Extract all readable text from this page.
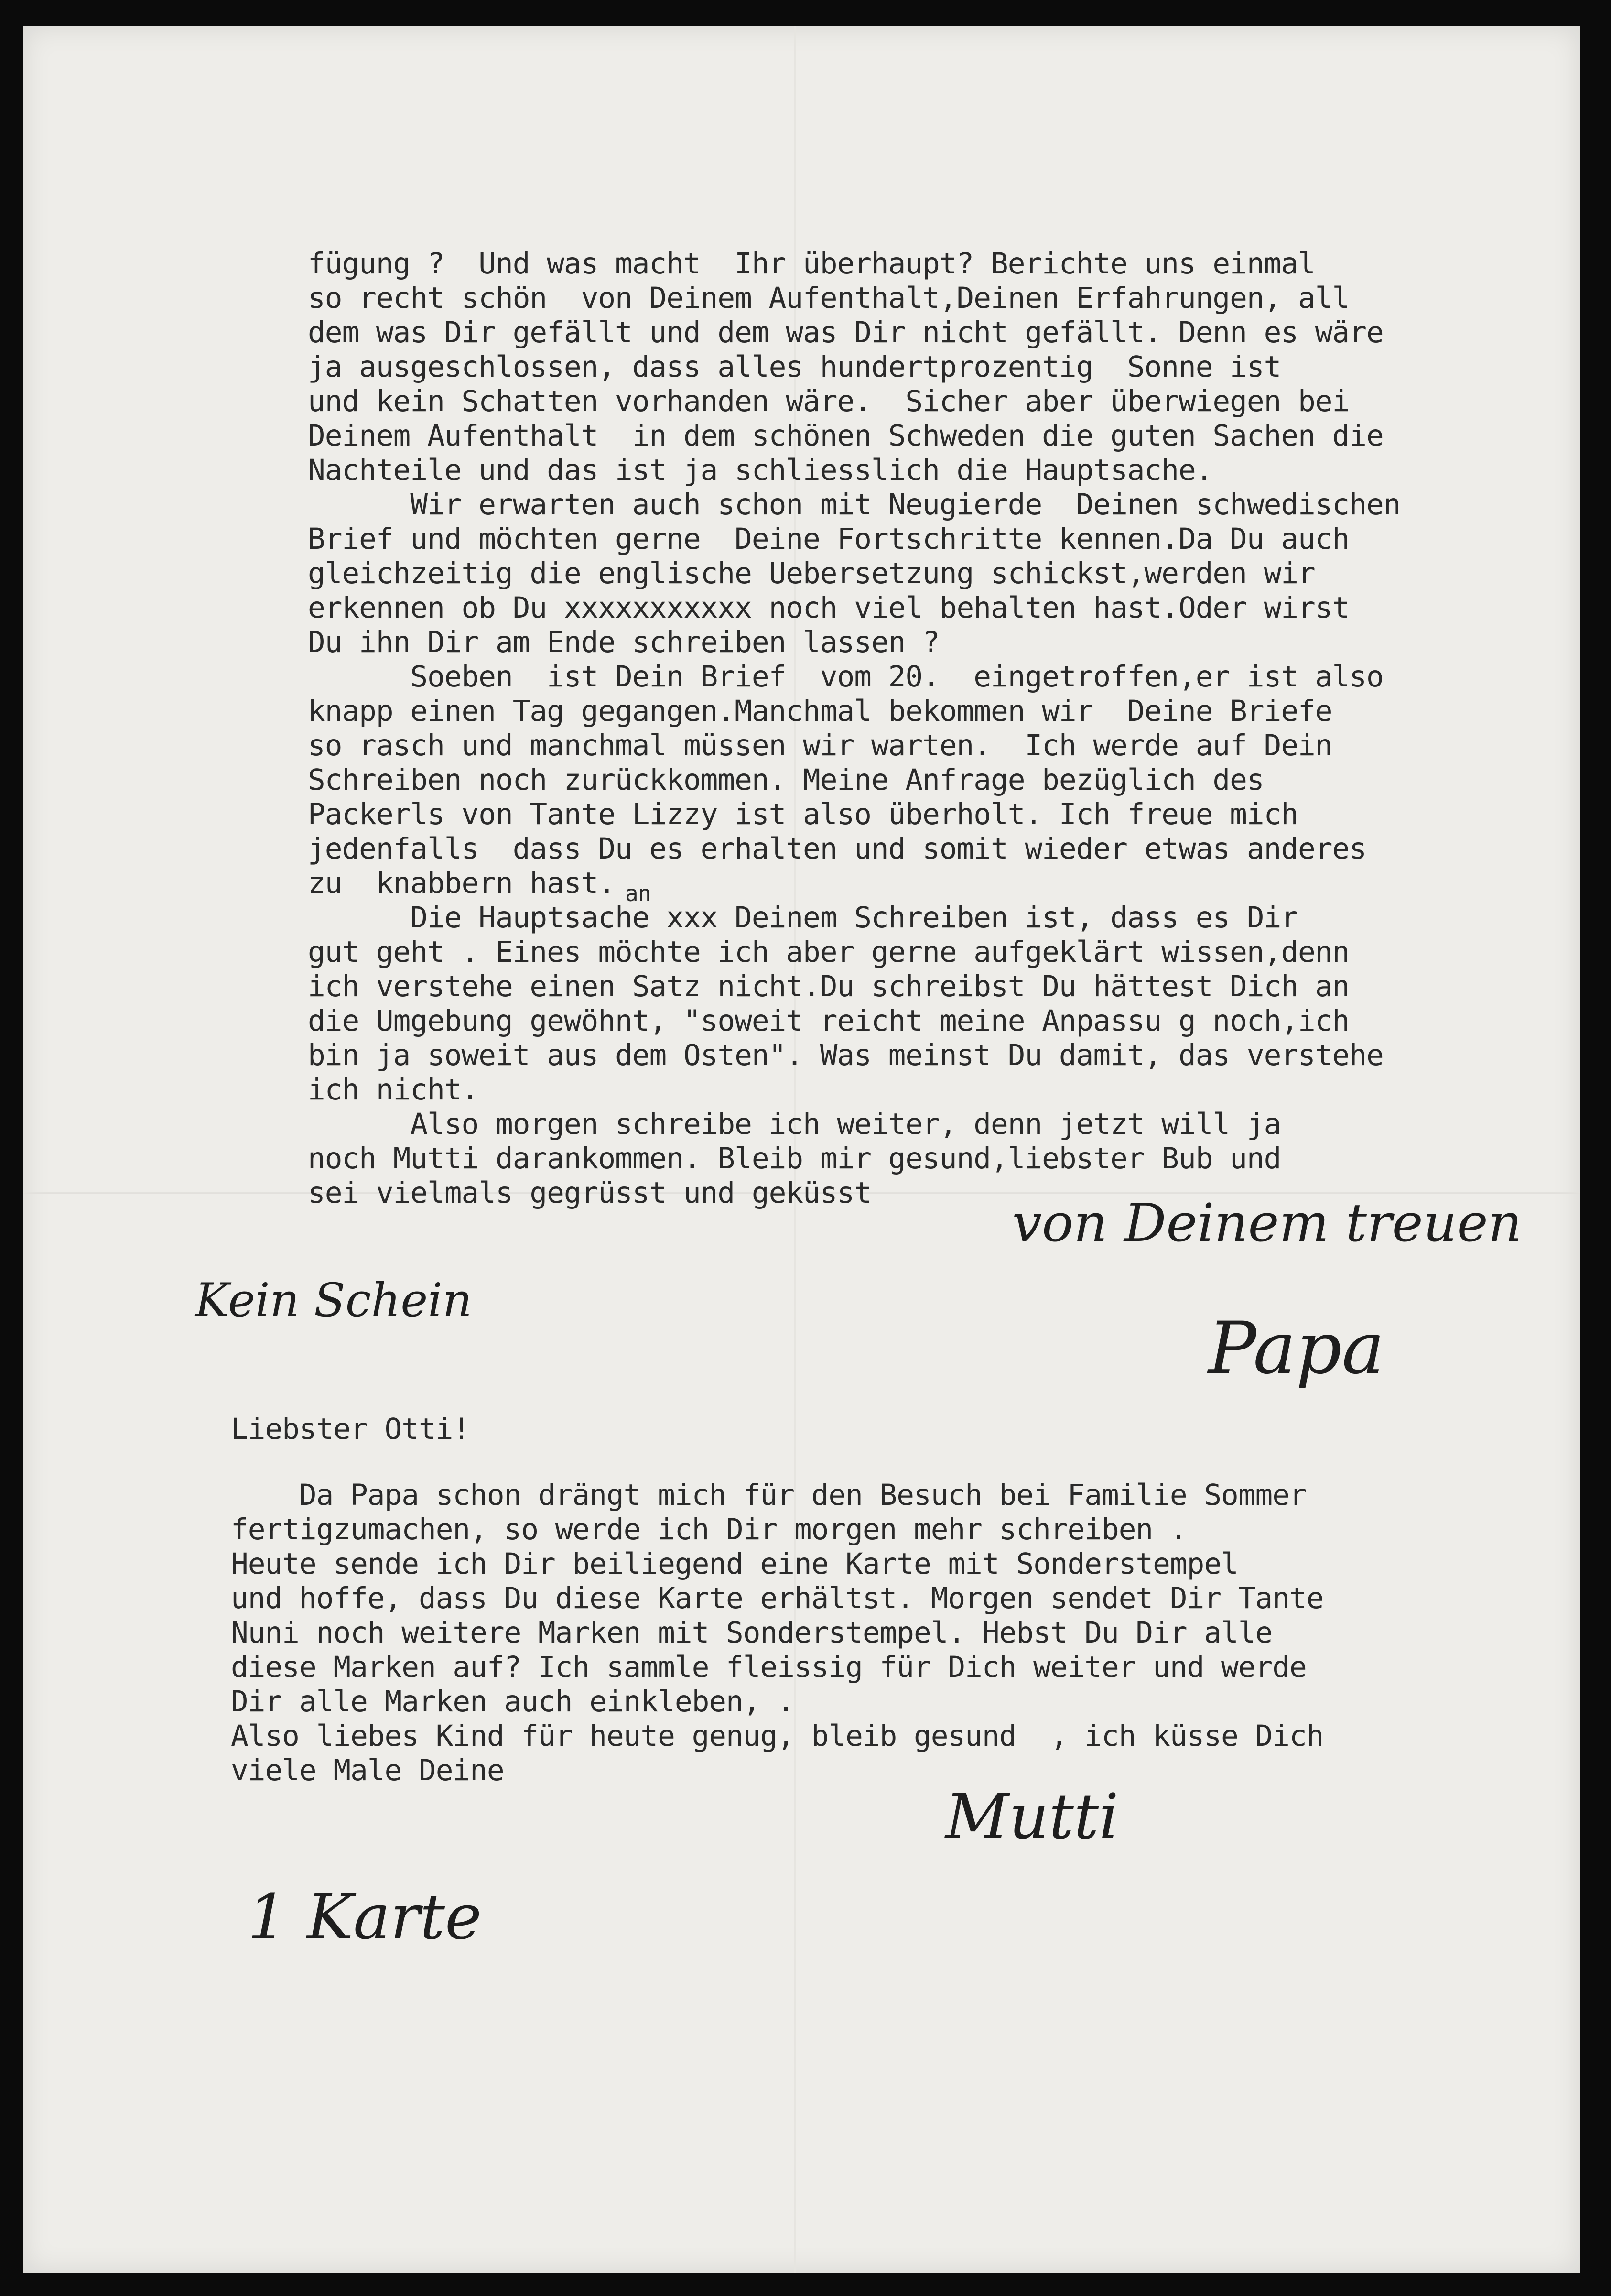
fügung ?  Und was macht  Ihr überhaupt? Berichte uns einmal
so recht schön  von Deinem Aufenthalt,Deinen Erfahrungen, all
dem was Dir gefällt und dem was Dir nicht gefällt. Denn es wäre
ja ausgeschlossen, dass alles hundertprozentig  Sonne ist
und kein Schatten vorhanden wäre.  Sicher aber überwiegen bei
Deinem Aufenthalt  in dem schönen Schweden die guten Sachen die
Nachteile und das ist ja schliesslich die Hauptsache.
Wir erwarten auch schon mit Neugierde  Deinen schwedischen
Brief und möchten gerne  Deine Fortschritte kennen.Da Du auch
gleichzeitig die englische Uebersetzung schickst,werden wir
erkennen ob Du xxxxxxxxxxx noch viel behalten hast.Oder wirst
Du ihn Dir am Ende schreiben lassen ?
Soeben  ist Dein Brief  vom 20.  eingetroffen,er ist also
knapp einen Tag gegangen.Manchmal bekommen wir  Deine Briefe
so rasch und manchmal müssen wir warten.  Ich werde auf Dein
Schreiben noch zurückkommen. Meine Anfrage bezüglich des
Packerls von Tante Lizzy ist also überholt. Ich freue mich
jedenfalls  dass Du es erhalten und somit wieder etwas anderes
zu  knabbern hast.
Die Hauptsache xxx Deinem Schreiben ist, dass es Dir
gut geht . Eines möchte ich aber gerne aufgeklärt wissen,denn
ich verstehe einen Satz nicht.Du schreibst Du hättest Dich an
die Umgebung gewöhnt, "soweit reicht meine Anpassu g noch,ich
bin ja soweit aus dem Osten". Was meinst Du damit, das verstehe
ich nicht.
Also morgen schreibe ich weiter, denn jetzt will ja
noch Mutti darankommen. Bleib mir gesund,liebster Bub und
sei vielmals gegrüsst und geküsst
an
Kein Schein
von Deinem treuen
Papa
Liebster Otti!
Da Papa schon drängt mich für den Besuch bei Familie Sommer
fertigzumachen, so werde ich Dir morgen mehr schreiben .
Heute sende ich Dir beiliegend eine Karte mit Sonderstempel
und hoffe, dass Du diese Karte erhältst. Morgen sendet Dir Tante
Nuni noch weitere Marken mit Sonderstempel. Hebst Du Dir alle
diese Marken auf? Ich sammle fleissig für Dich weiter und werde
Dir alle Marken auch einkleben, .
Also liebes Kind für heute genug, bleib gesund  , ich küsse Dich
viele Male Deine
Mutti
1 Karte
